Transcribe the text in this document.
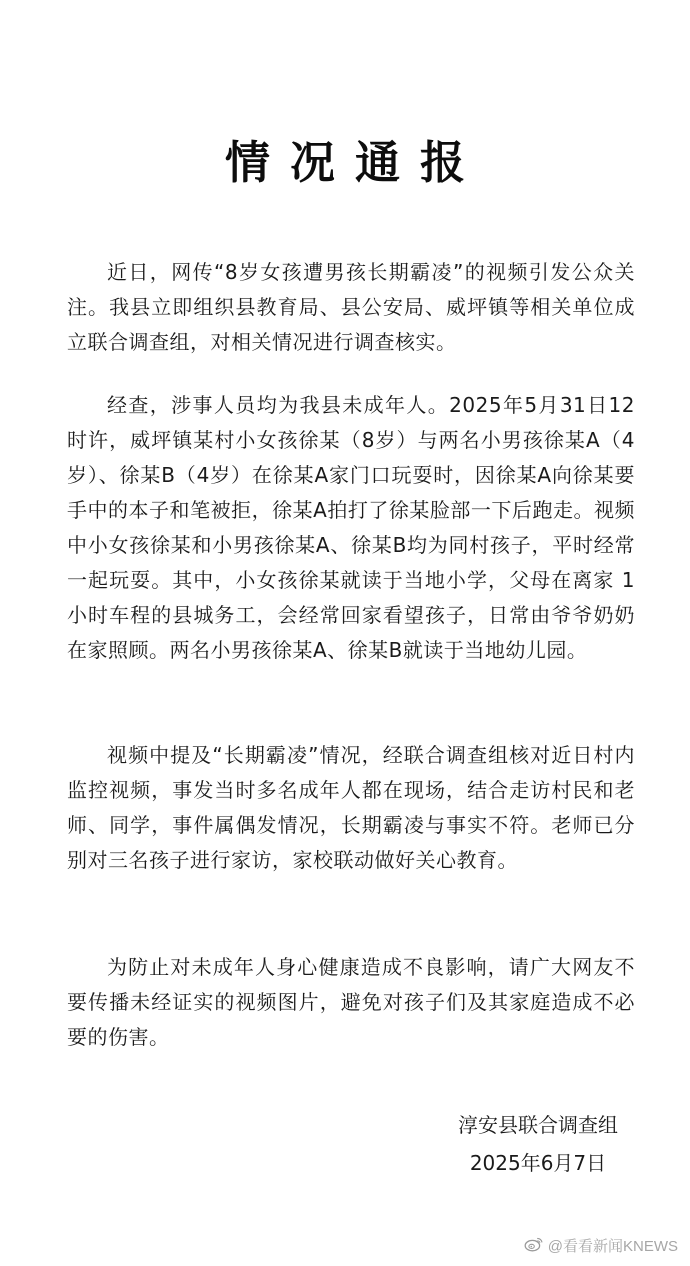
情况通报

近日，网传“8岁女孩遭男孩长期霸凌”的视频引发公众关注。我县立即组织县教育局、县公安局、威坪镇等相关单位成立联合调查组，对相关情况进行调查核实。

经查，涉事人员均为我县未成年人。2025年5月31日12时许，威坪镇某村小女孩徐某（8岁）与两名小男孩徐某A（4岁）、徐某B（4岁）在徐某A家门口玩耍时，因徐某A向徐某要手中的本子和笔被拒，徐某A拍打了徐某脸部一下后跑走。视频中小女孩徐某和小男孩徐某A、徐某B均为同村孩子，平时经常一起玩耍。其中，小女孩徐某就读于当地小学，父母在离家 1 小时车程的县城务工，会经常回家看望孩子，日常由爷爷奶奶在家照顾。两名小男孩徐某A、徐某B就读于当地幼儿园。

视频中提及“长期霸凌”情况，经联合调查组核对近日村内监控视频，事发当时多名成年人都在现场，结合走访村民和老师、同学，事件属偶发情况，长期霸凌与事实不符。老师已分别对三名孩子进行家访，家校联动做好关心教育。

为防止对未成年人身心健康造成不良影响，请广大网友不要传播未经证实的视频图片，避免对孩子们及其家庭造成不必要的伤害。

淳安县联合调查组
2025年6月7日
@看看新闻KNEWS
